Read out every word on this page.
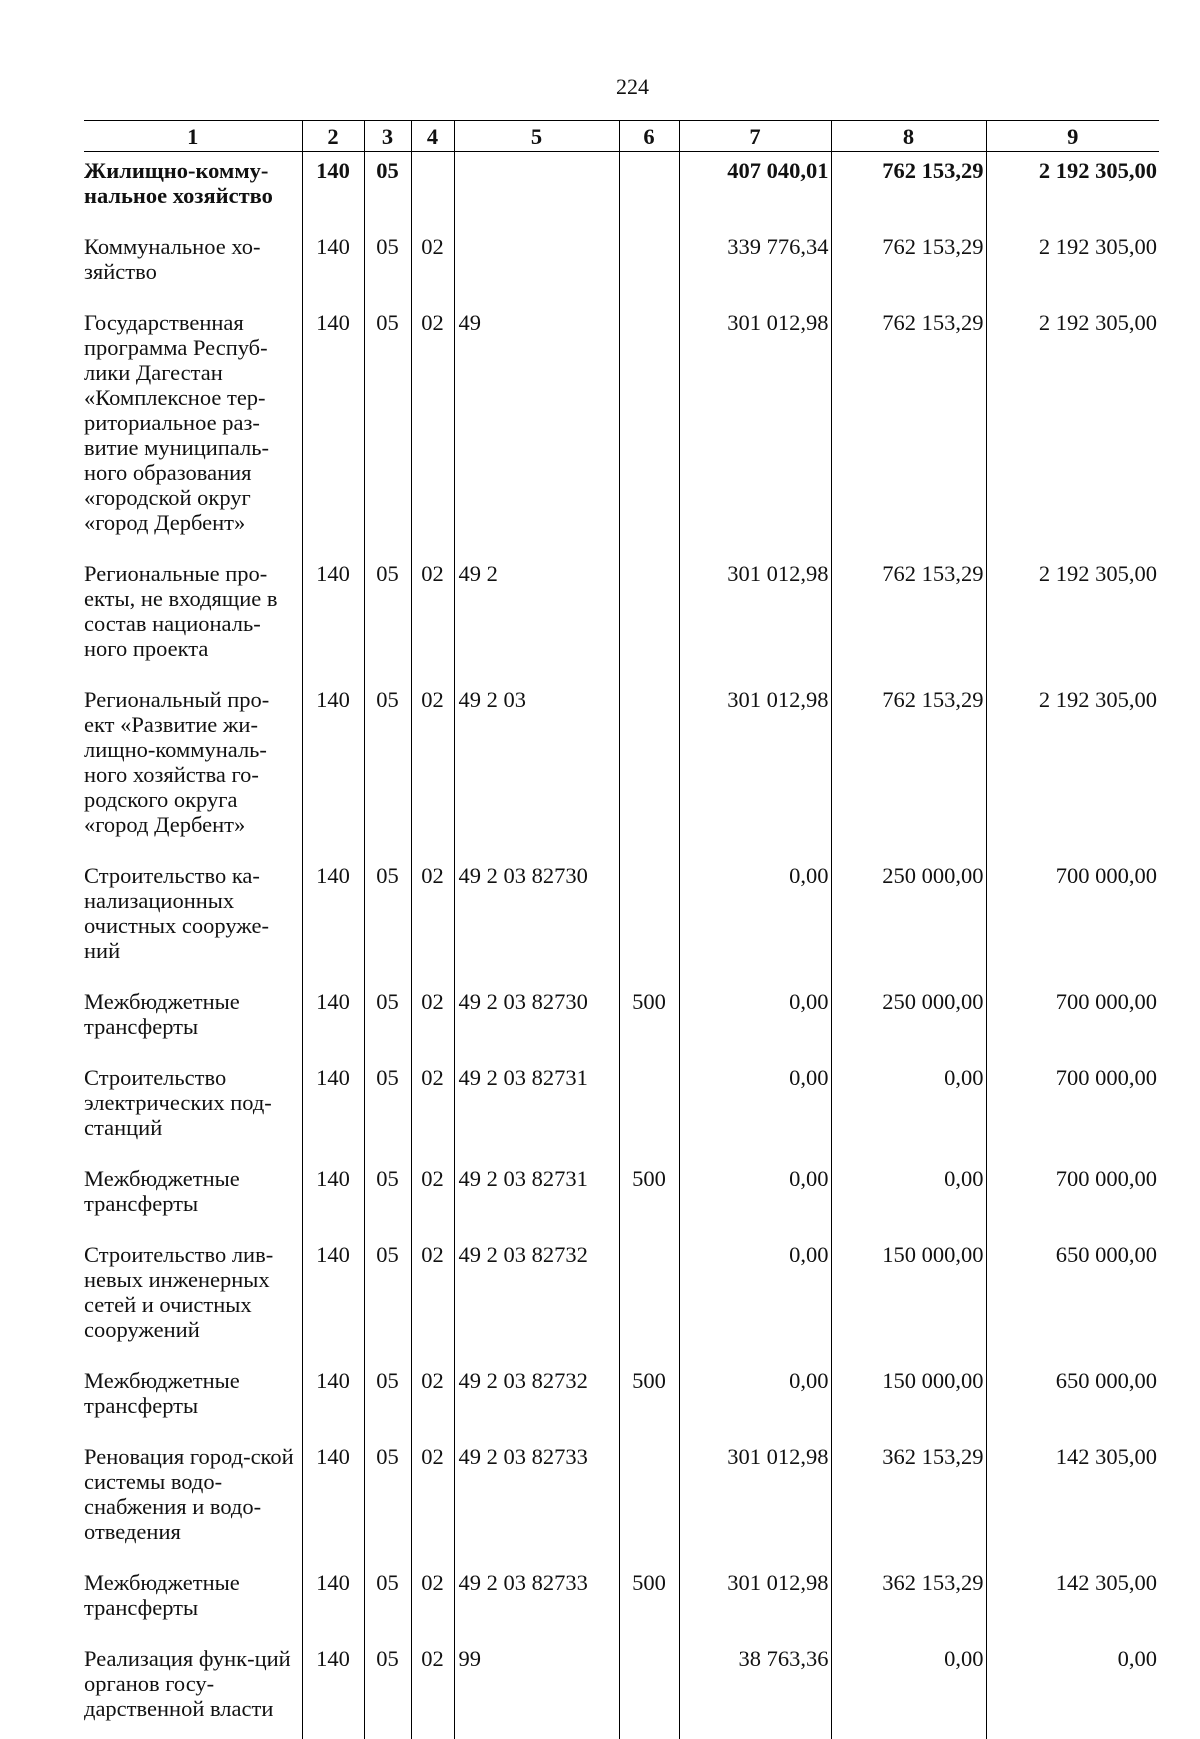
224
1	2	3	4	5	6	7	8	9
Жилищно-комму-нальное хозяйство	140	05				407 040,01	762 153,29	2 192 305,00
Коммунальное хо-зяйство	140	05	02			339 776,34	762 153,29	2 192 305,00
Государственная программа Респуб-лики Дагестан «Комплексное тер-риториальное раз-витие муниципаль-ного образования «городской округ «город Дербент»	140	05	02	49		301 012,98	762 153,29	2 192 305,00
Региональные про-екты, не входящие в состав националь-ного проекта	140	05	02	49 2		301 012,98	762 153,29	2 192 305,00
Региональный про-ект «Развитие жи-лищно-коммуналь-ного хозяйства го-родского округа «город Дербент»	140	05	02	49 2 03		301 012,98	762 153,29	2 192 305,00
Строительство ка-нализационных очистных сооруже-ний	140	05	02	49 2 03 82730		0,00	250 000,00	700 000,00
Межбюджетные трансферты	140	05	02	49 2 03 82730	500	0,00	250 000,00	700 000,00
Строительство электрических под-станций	140	05	02	49 2 03 82731		0,00	0,00	700 000,00
Межбюджетные трансферты	140	05	02	49 2 03 82731	500	0,00	0,00	700 000,00
Строительство лив-невых инженерных сетей и очистных сооружений	140	05	02	49 2 03 82732		0,00	150 000,00	650 000,00
Межбюджетные трансферты	140	05	02	49 2 03 82732	500	0,00	150 000,00	650 000,00
Реновация город-ской системы водо-снабжения и водо-отведения	140	05	02	49 2 03 82733		301 012,98	362 153,29	142 305,00
Межбюджетные трансферты	140	05	02	49 2 03 82733	500	301 012,98	362 153,29	142 305,00
Реализация функ-ций органов госу-дарственной власти	140	05	02	99		38 763,36	0,00	0,00
